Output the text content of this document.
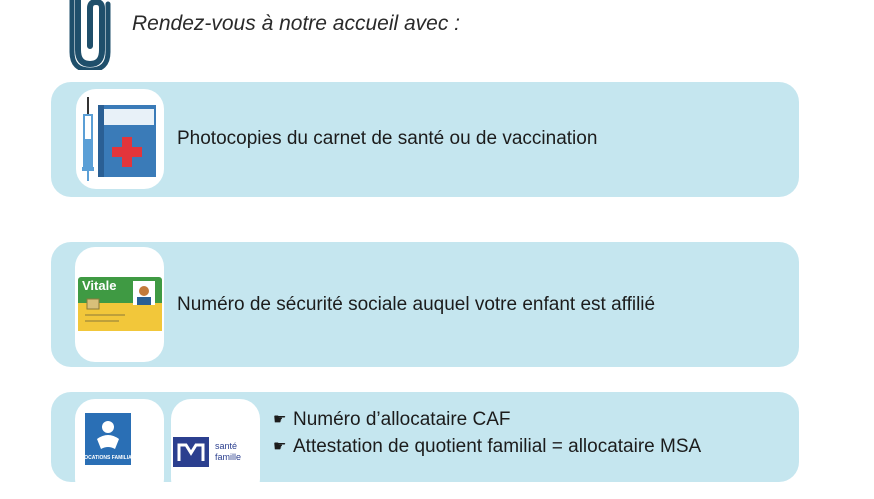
Rendez-vous à notre accueil avec :
Photocopies du carnet de santé ou de vaccination
Vitale
Numéro de sécurité sociale auquel votre enfant est affilié
ALLOCATIONS FAMILIALES
santé
famille
☛ Numéro d’allocataire CAF
☛ Attestation de quotient familial = allocataire MSA
